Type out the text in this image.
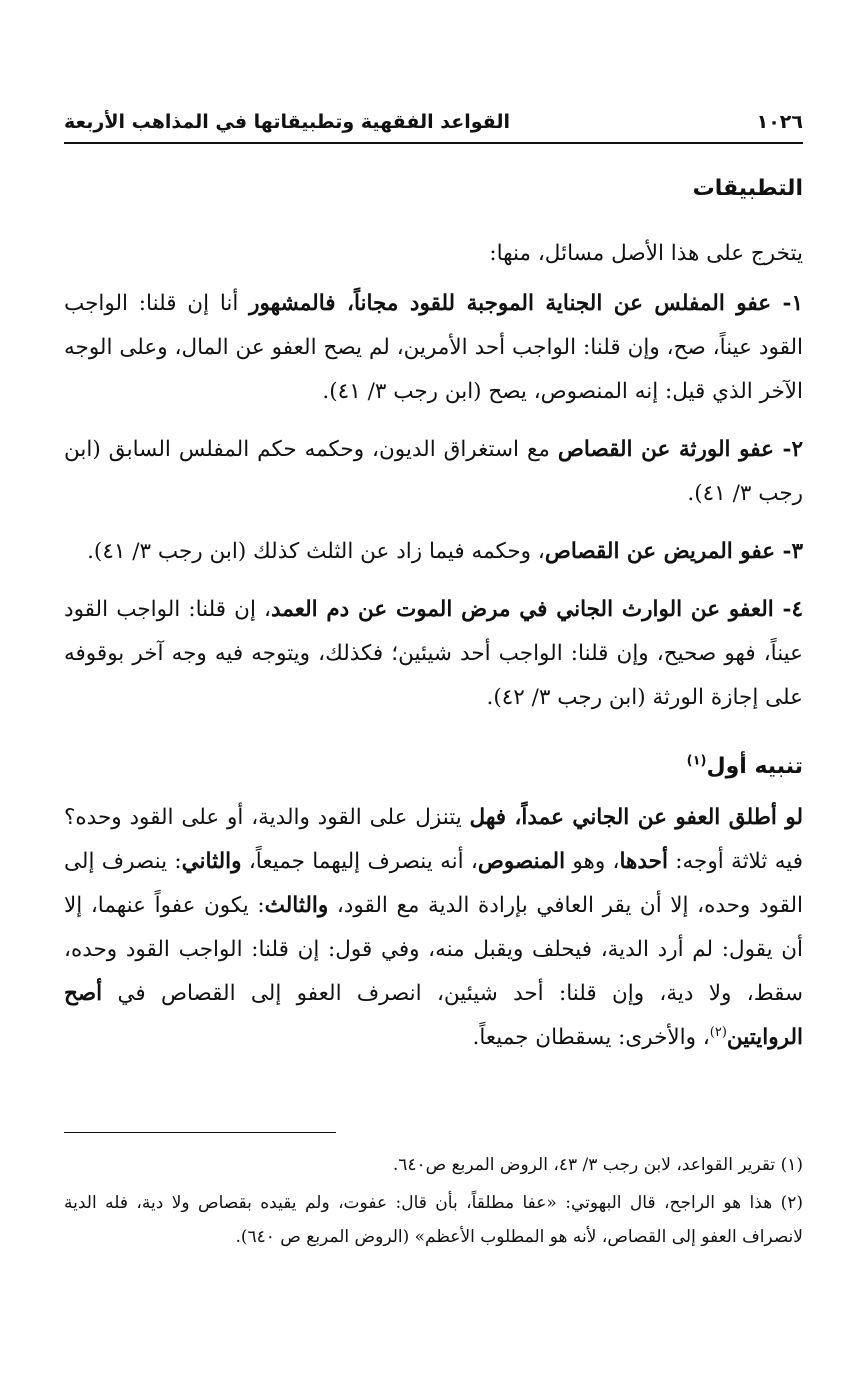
١٠٢٦
القواعد الفقهية وتطبيقاتها في المذاهب الأربعة
التطبيقات

يتخرج على هذا الأصل مسائل، منها:

١- عفو المفلس عن الجناية الموجبة للقود مجاناً، فالمشهور أنا إن قلنا: الواجب القود عيناً، صح، وإن قلنا: الواجب أحد الأمرين، لم يصح العفو عن المال، وعلى الوجه الآخر الذي قيل: إنه المنصوص، يصح (ابن رجب ٣/ ٤١).

٢- عفو الورثة عن القصاص مع استغراق الديون، وحكمه حكم المفلس السابق (ابن رجب ٣/ ٤١).

٣- عفو المريض عن القصاص، وحكمه فيما زاد عن الثلث كذلك (ابن رجب ٣/ ٤١).

٤- العفو عن الوارث الجاني في مرض الموت عن دم العمد، إن قلنا: الواجب القود عيناً، فهو صحيح، وإن قلنا: الواجب أحد شيئين؛ فكذلك، ويتوجه فيه وجه آخر بوقوفه على إجازة الورثة (ابن رجب ٣/ ٤٢).

تنبيه أول$^{(١)}$

لو أطلق العفو عن الجاني عمداً، فهل يتنزل على القود والدية، أو على القود وحده؟ فيه ثلاثة أوجه: أحدها، وهو المنصوص، أنه ينصرف إليهما جميعاً، والثاني: ينصرف إلى القود وحده، إلا أن يقر العافي بإرادة الدية مع القود، والثالث: يكون عفواً عنهما، إلا أن يقول: لم أرد الدية، فيحلف ويقبل منه، وفي قول: إن قلنا: الواجب القود وحده، سقط، ولا دية، وإن قلنا: أحد شيئين، انصرف العفو إلى القصاص في أصح الروايتين$^{(٢)}$، والأخرى: يسقطان جميعاً.

(١) تقرير القواعد، لابن رجب ٣/ ٤٣، الروض المربع ص٦٤٠.

(٢) هذا هو الراجح، قال البهوتي: «عفا مطلقاً، بأن قال: عفوت، ولم يقيده بقصاص ولا دية، فله الدية لانصراف العفو إلى القصاص، لأنه هو المطلوب الأعظم» (الروض المربع ص ٦٤٠).
